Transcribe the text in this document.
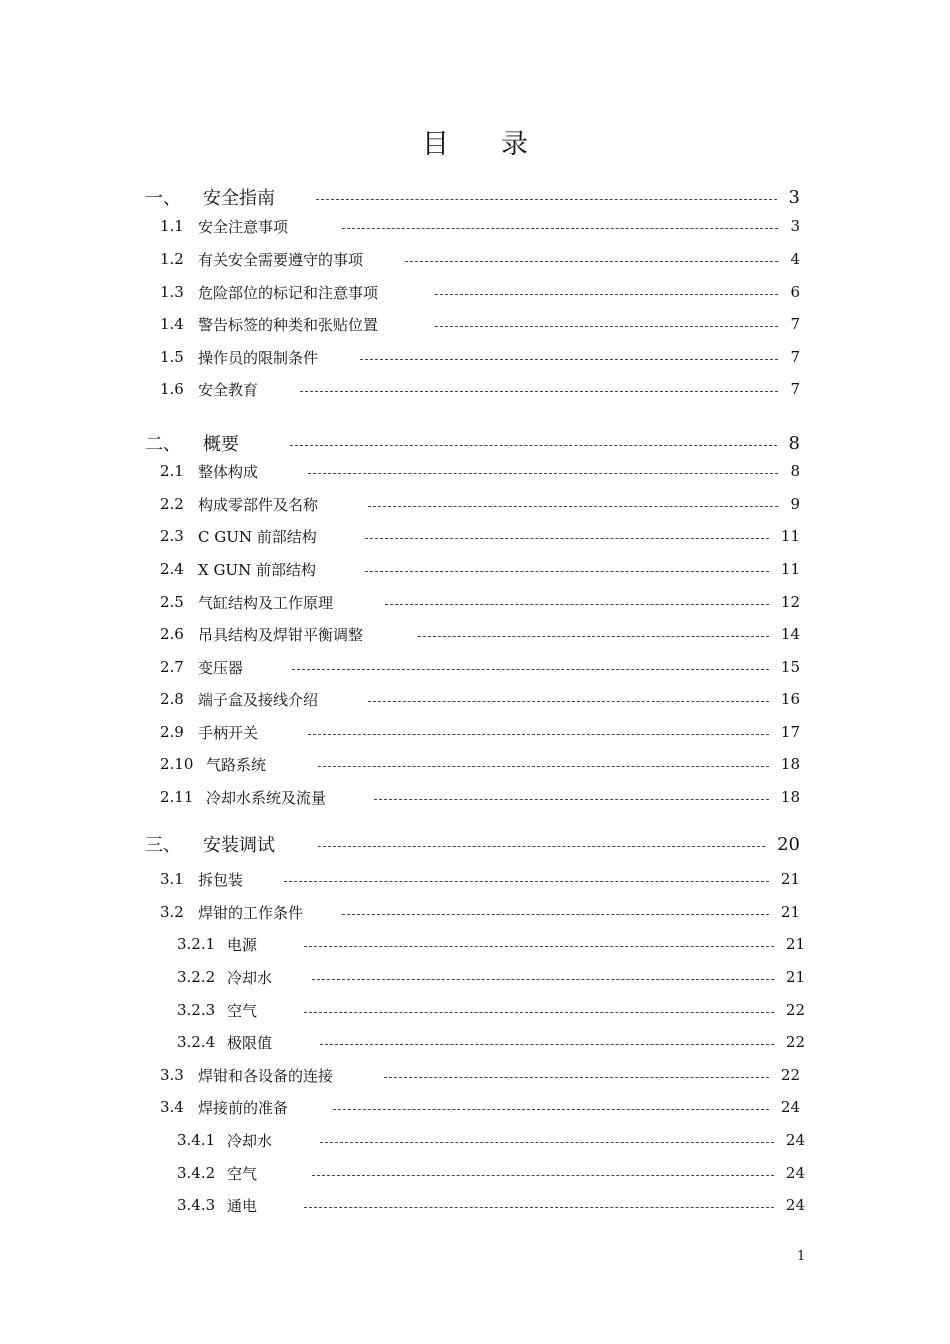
目 录
一、	安全指南	3
1.1 安全注意事项	3
1.2 有关安全需要遵守的事项	4
1.3 危险部位的标记和注意事项	6
1.4 警告标签的种类和张贴位置	7
1.5 操作员的限制条件	7
1.6 安全教育	7
二、	概要	8
2.1 整体构成	8
2.2 构成零部件及名称	9
2.3 C GUN 前部结构	11
2.4 X GUN 前部结构	11
2.5 气缸结构及工作原理	12
2.6 吊具结构及焊钳平衡调整	14
2.7 变压器	15
2.8 端子盒及接线介绍	16
2.9 手柄开关	17
2.10 气路系统	18
2.11 冷却水系统及流量	18
三、	安装调试	20
3.1 拆包装	21
3.2 焊钳的工作条件	21
3.2.1 电源	21
3.2.2 冷却水	21
3.2.3 空气	22
3.2.4 极限值	22
3.3 焊钳和各设备的连接	22
3.4 焊接前的准备	24
3.4.1 冷却水	24
3.4.2 空气	24
3.4.3 通电	24
1
